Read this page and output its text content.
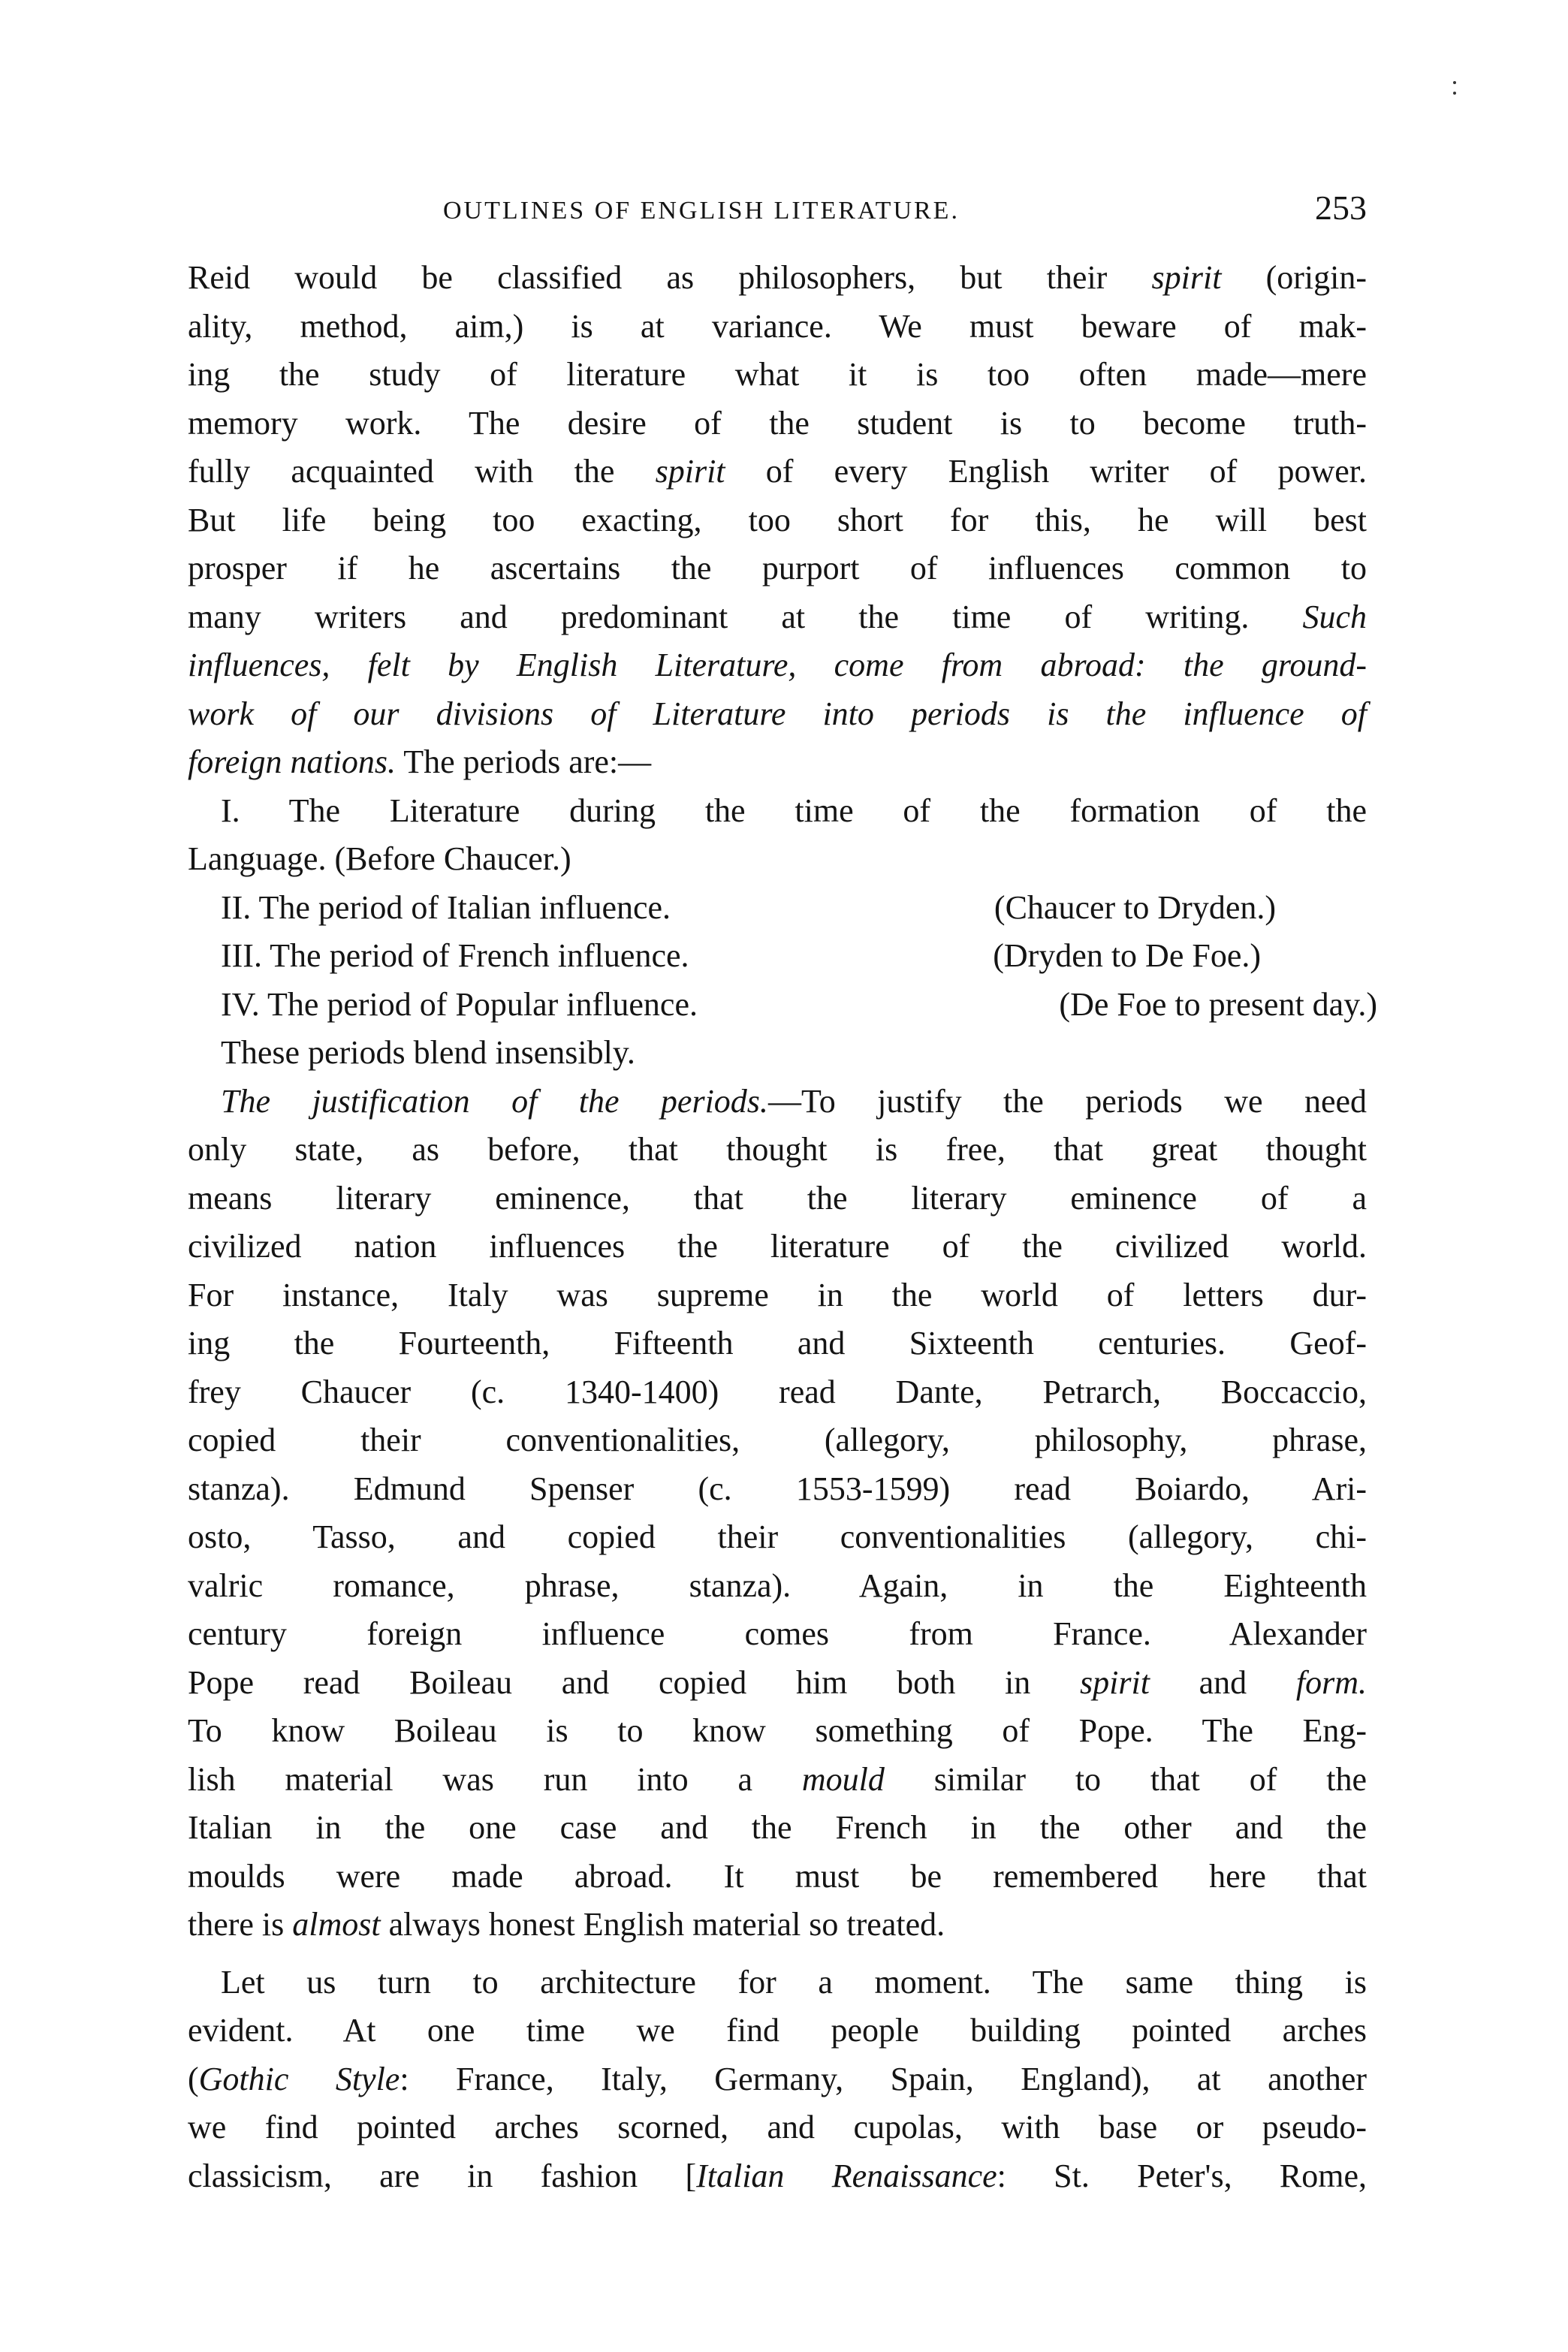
OUTLINES OF ENGLISH LITERATURE.	253
Reid would be classified as philosophers, but their spirit (origin-
ality, method, aim,) is at variance. We must beware of mak-
ing the study of literature what it is too often made—mere
memory work. The desire of the student is to become truth-
fully acquainted with the spirit of every English writer of power.
But life being too exacting, too short for this, he will best
prosper if he ascertains the purport of influences common to
many writers and predominant at the time of writing. Such
influences, felt by English Literature, come from abroad: the ground-
work of our divisions of Literature into periods is the influence of
foreign nations. The periods are:—
I. The Literature during the time of the formation of the
Language. (Before Chaucer.)
II. The period of Italian influence.	(Chaucer to Dryden.)
III. The period of French influence.	(Dryden to De Foe.)
IV. The period of Popular influence.	(De Foe to present day.)
These periods blend insensibly.
The justification of the periods.—To justify the periods we need
only state, as before, that thought is free, that great thought
means literary eminence, that the literary eminence of a
civilized nation influences the literature of the civilized world.
For instance, Italy was supreme in the world of letters dur-
ing the Fourteenth, Fifteenth and Sixteenth centuries. Geof-
frey Chaucer (c. 1340-1400) read Dante, Petrarch, Boccaccio,
copied their conventionalities, (allegory, philosophy, phrase,
stanza). Edmund Spenser (c. 1553-1599) read Boiardo, Ari-
osto, Tasso, and copied their conventionalities (allegory, chi-
valric romance, phrase, stanza). Again, in the Eighteenth
century foreign influence comes from France. Alexander
Pope read Boileau and copied him both in spirit and form.
To know Boileau is to know something of Pope. The Eng-
lish material was run into a mould similar to that of the
Italian in the one case and the French in the other and the
moulds were made abroad. It must be remembered here that
there is almost always honest English material so treated.
Let us turn to architecture for a moment. The same thing is
evident. At one time we find people building pointed arches
(Gothic Style: France, Italy, Germany, Spain, England), at another
we find pointed arches scorned, and cupolas, with base or pseudo-
classicism, are in fashion [Italian Renaissance: St. Peter's, Rome,
